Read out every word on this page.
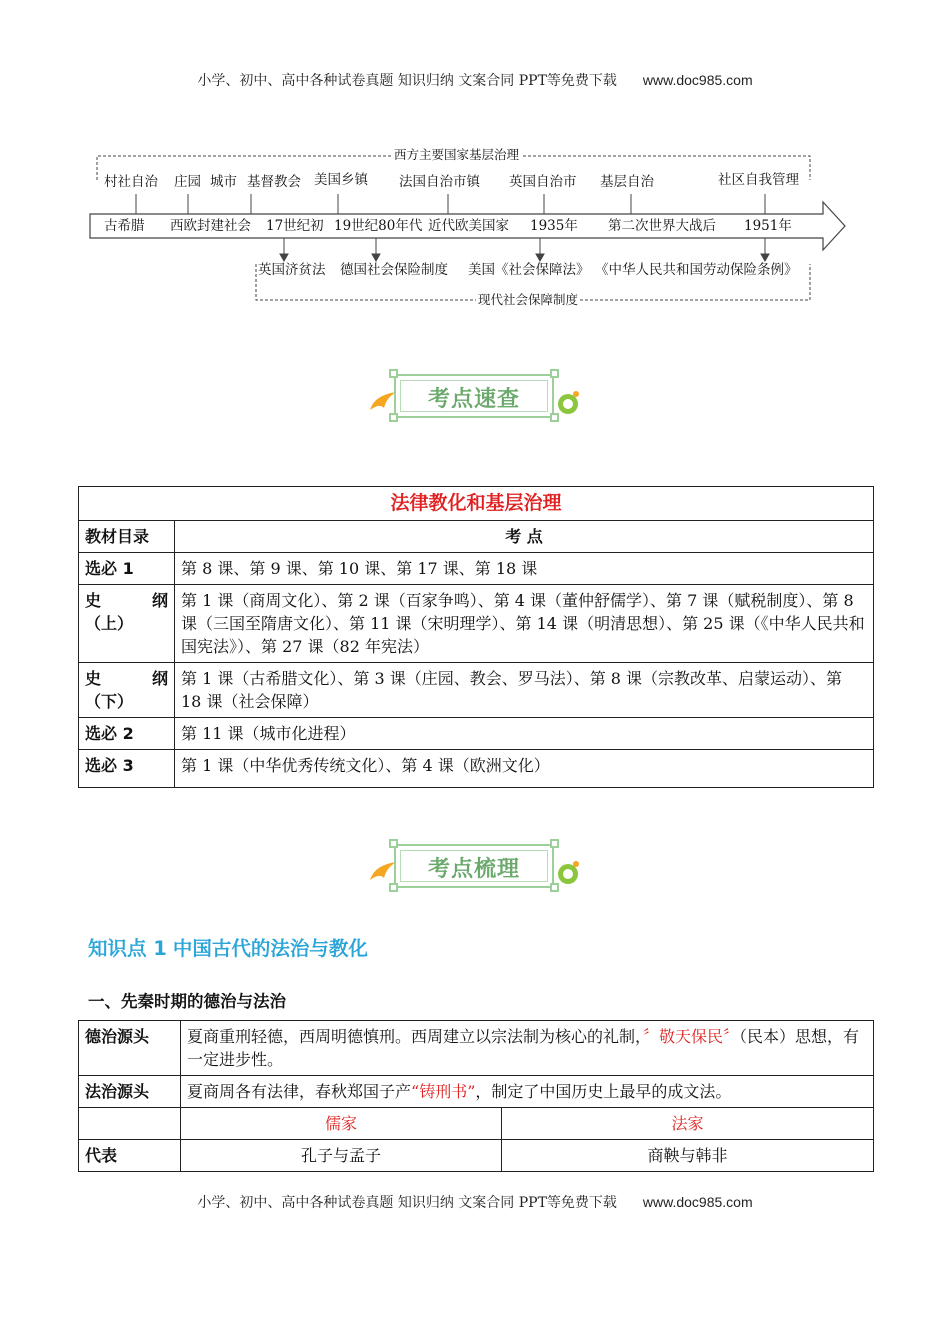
小学、初中、高中各种试卷真题 知识归纳 文案合同 PPT等免费下载 www.doc985.com
西方主要国家基层治理
村社自治 庄园 城市 基督教会 美国乡镇 法国自治市镇 英国自治市 基层自治	社区自我管理
古希腊 西欧封建社会 17世纪初 19世纪80年代 近代欧美国家 1935年 第二次世界大战后 1951年
英国济贫法 德国社会保险制度 美国《社会保障法》 《中华人民共和国劳动保险条例》
现代社会保障制度
考点速查
法律教化和基层治理	
教材目录	考 点
选必 1	第 8 课、第 9 课、第 10 课、第 17 课、第 18 课

史 纲
（上）	第 1 课（商周文化）、第 2 课（百家争鸣）、第 4 课（董仲舒儒学）、第 7 课（赋税制度）、第 8 课（三国至隋唐文化）、第 11 课（宋明理学）、第 14 课（明清思想）、第 25 课（《中华人民共和国宪法》）、第 27 课（82 年宪法）

史 纲
（下）	第 1 课（古希腊文化）、第 3 课（庄园、教会、罗马法）、第 8 课（宗教改革、启蒙运动）、第 18 课（社会保障）
选必 2	第 11 课（城市化进程）
选必 3	第 1 课（中华优秀传统文化）、第 4 课（欧洲文化）
考点梳理
知识点 1 中国古代的法治与教化
一、先秦时期的德治与法治
德治源头	夏商重刑轻德，西周明德慎刑。西周建立以宗法制为核心的礼制，〞敬天保民〞（民本）思想，有一定进步性。	
法治源头	夏商周各有法律，春秋郑国子产“铸刑书”，制定了中国历史上最早的成文法。	
	儒家	法家
代表	孔子与孟子	商鞅与韩非
小学、初中、高中各种试卷真题 知识归纳 文案合同 PPT等免费下载 www.doc985.com
